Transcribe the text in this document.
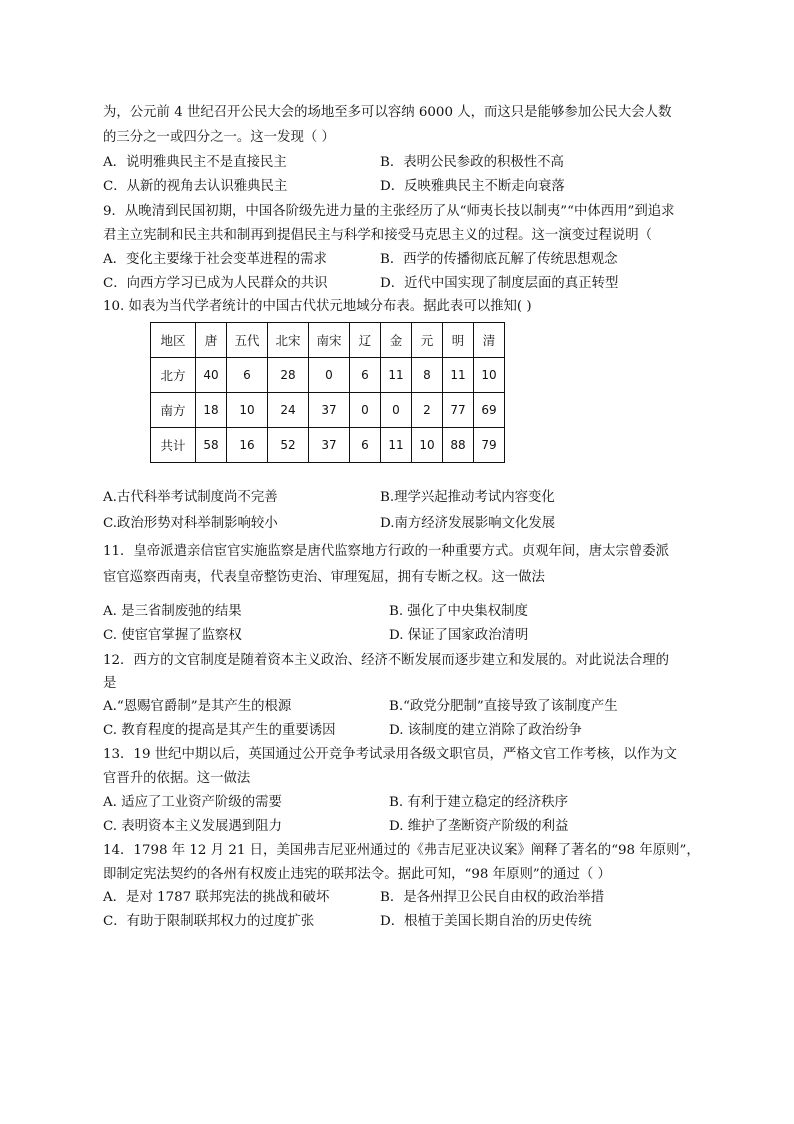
为，公元前 4 世纪召开公民大会的场地至多可以容纳 6000 人，而这只是能够参加公民大会人数
的三分之一或四分之一。这一发现（ ）
A．说明雅典民主不是直接民主	B．表明公民参政的积极性不高
C．从新的视角去认识雅典民主	D．反映雅典民主不断走向衰落
9．从晚清到民国初期，中国各阶级先进力量的主张经历了从“师夷长技以制夷”“中体西用”到追求
君主立宪制和民主共和制再到提倡民主与科学和接受马克思主义的过程。这一演变过程说明（
A．变化主要缘于社会变革进程的需求	B．西学的传播彻底瓦解了传统思想观念
C．向西方学习已成为人民群众的共识	D．近代中国实现了制度层面的真正转型
10. 如表为当代学者统计的中国古代状元地域分布表。据此表可以推知( )
地区	唐	五代	北宋	南宋	辽	金	元	明	清
北方	40	6	28	0	6	11	8	11	10
南方	18	10	24	37	0	0	2	77	69
共计	58	16	52	37	6	11	10	88	79
A.古代科举考试制度尚不完善	B.理学兴起推动考试内容变化
C.政治形势对科举制影响较小	D.南方经济发展影响文化发展
11．皇帝派遣亲信宦官实施监察是唐代监察地方行政的一种重要方式。贞观年间，唐太宗曾委派
宦官巡察西南夷，代表皇帝整饬吏治、审理冤屈，拥有专断之权。这一做法
A. 是三省制废弛的结果	B. 强化了中央集权制度
C. 使宦官掌握了监察权	D. 保证了国家政治清明
12．西方的文官制度是随着资本主义政治、经济不断发展而逐步建立和发展的。对此说法合理的
是
A.“恩赐官爵制”是其产生的根源	B.“政党分肥制”直接导致了该制度产生
C. 教育程度的提高是其产生的重要诱因	D. 该制度的建立消除了政治纷争
13．19 世纪中期以后，英国通过公开竞争考试录用各级文职官员，严格文官工作考核，以作为文
官晋升的依据。这一做法
A. 适应了工业资产阶级的需要	B. 有利于建立稳定的经济秩序
C. 表明资本主义发展遇到阻力	D. 维护了垄断资产阶级的利益
14．1798 年 12 月 21 日，美国弗吉尼亚州通过的《弗吉尼亚决议案》阐释了著名的“98 年原则”，
即制定宪法契约的各州有权废止违宪的联邦法令。据此可知，“98 年原则”的通过（ ）
A．是对 1787 联邦宪法的挑战和破坏	B．是各州捍卫公民自由权的政治举措
C．有助于限制联邦权力的过度扩张	D．根植于美国长期自治的历史传统
